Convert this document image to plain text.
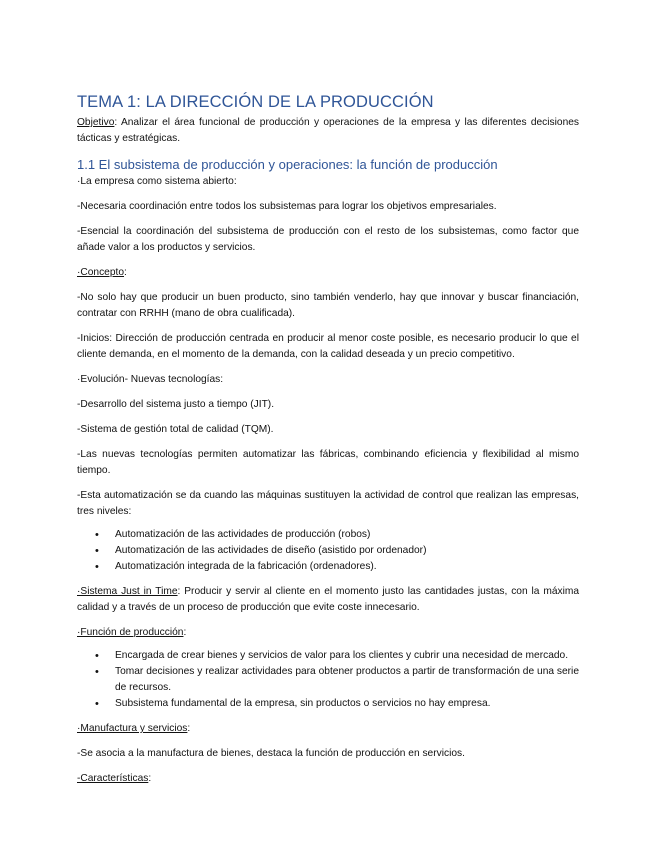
TEMA 1: LA DIRECCIÓN DE LA PRODUCCIÓN

Objetivo: Analizar el área funcional de producción y operaciones de la empresa y las diferentes decisiones tácticas y estratégicas.

1.1 El subsistema de producción y operaciones: la función de producción

·La empresa como sistema abierto:

-Necesaria coordinación entre todos los subsistemas para lograr los objetivos empresariales.

-Esencial la coordinación del subsistema de producción con el resto de los subsistemas, como factor que añade valor a los productos y servicios.

·Concepto:

-No solo hay que producir un buen producto, sino también venderlo, hay que innovar y buscar financiación, contratar con RRHH (mano de obra cualificada).

-Inicios: Dirección de producción centrada en producir al menor coste posible, es necesario producir lo que el cliente demanda, en el momento de la demanda, con la calidad deseada y un precio competitivo.

·Evolución- Nuevas tecnologías:

-Desarrollo del sistema justo a tiempo (JIT).

-Sistema de gestión total de calidad (TQM).

-Las nuevas tecnologías permiten automatizar las fábricas, combinando eficiencia y flexibilidad al mismo tiempo.

-Esta automatización se da cuando las máquinas sustituyen la actividad de control que realizan las empresas, tres niveles:

• Automatización de las actividades de producción (robos)
• Automatización de las actividades de diseño (asistido por ordenador)
• Automatización integrada de la fabricación (ordenadores).

·Sistema Just in Time: Producir y servir al cliente en el momento justo las cantidades justas, con la máxima calidad y a través de un proceso de producción que evite coste innecesario.

·Función de producción:

• Encargada de crear bienes y servicios de valor para los clientes y cubrir una necesidad de mercado.
• Tomar decisiones y realizar actividades para obtener productos a partir de transformación de una serie de recursos.
• Subsistema fundamental de la empresa, sin productos o servicios no hay empresa.

·Manufactura y servicios:

-Se asocia a la manufactura de bienes, destaca la función de producción en servicios.

-Características:
